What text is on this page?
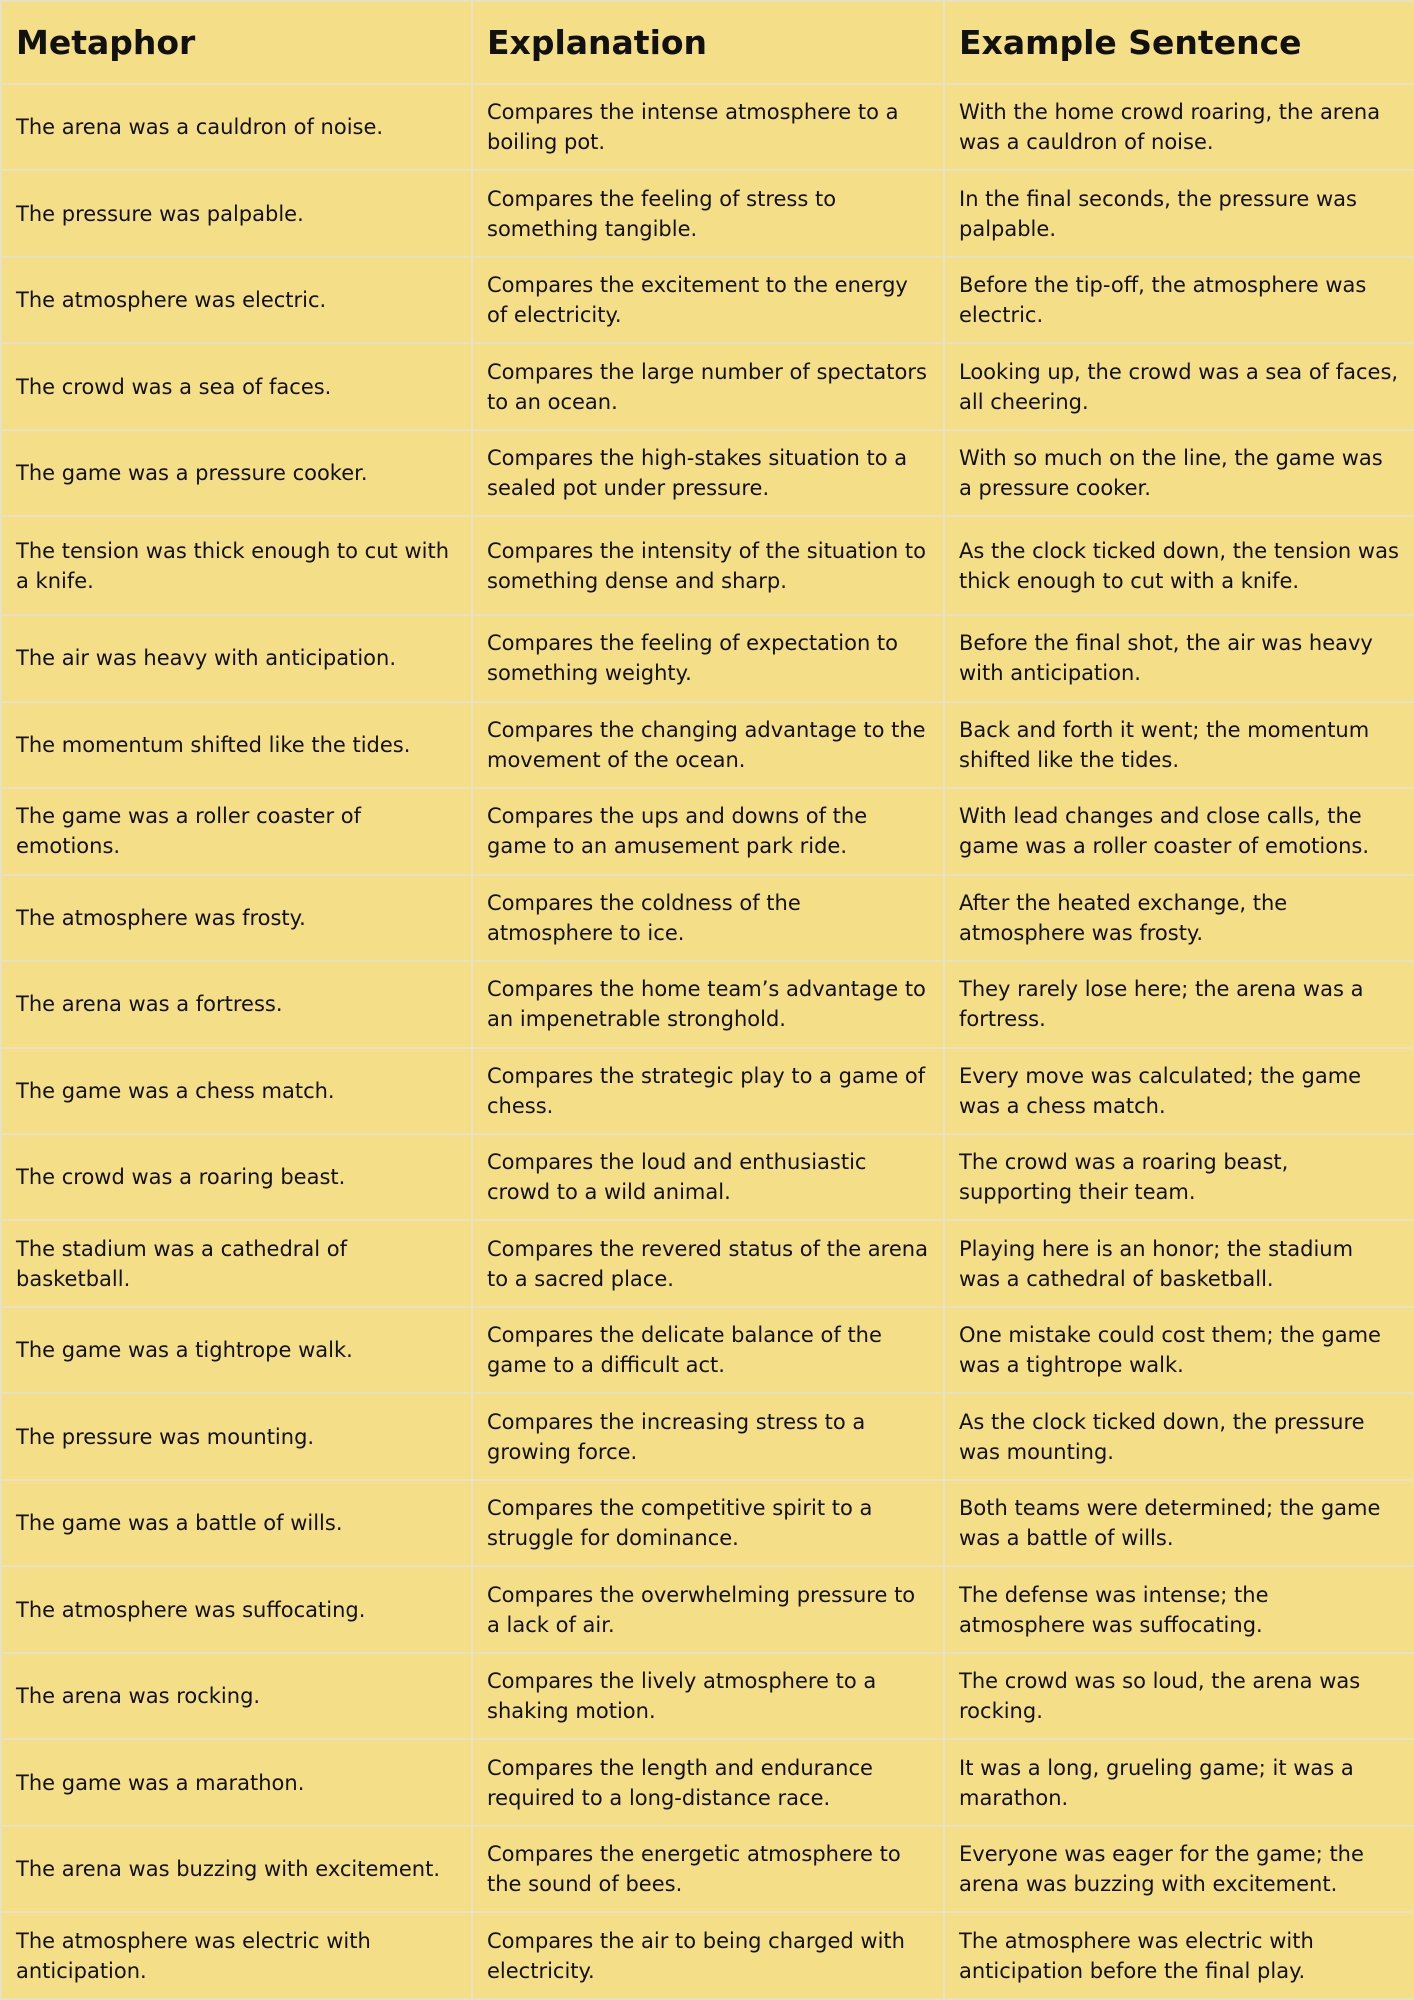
Metaphor	Explanation	Example Sentence
The arena was a cauldron of noise.	Compares the intense atmosphere to a boiling pot.	With the home crowd roaring, the arena was a cauldron of noise.
The pressure was palpable.	Compares the feeling of stress to something tangible.	In the final seconds, the pressure was palpable.
The atmosphere was electric.	Compares the excitement to the energy of electricity.	Before the tip-off, the atmosphere was electric.
The crowd was a sea of faces.	Compares the large number of spectators to an ocean.	Looking up, the crowd was a sea of faces, all cheering.
The game was a pressure cooker.	Compares the high-stakes situation to a sealed pot under pressure.	With so much on the line, the game was a pressure cooker.
The tension was thick enough to cut with a knife.	Compares the intensity of the situation to something dense and sharp.	As the clock ticked down, the tension was thick enough to cut with a knife.
The air was heavy with anticipation.	Compares the feeling of expectation to something weighty.	Before the final shot, the air was heavy with anticipation.
The momentum shifted like the tides.	Compares the changing advantage to the movement of the ocean.	Back and forth it went; the momentum shifted like the tides.
The game was a roller coaster of emotions.	Compares the ups and downs of the game to an amusement park ride.	With lead changes and close calls, the game was a roller coaster of emotions.
The atmosphere was frosty.	Compares the coldness of the atmosphere to ice.	After the heated exchange, the atmosphere was frosty.
The arena was a fortress.	Compares the home team’s advantage to an impenetrable stronghold.	They rarely lose here; the arena was a fortress.
The game was a chess match.	Compares the strategic play to a game of chess.	Every move was calculated; the game was a chess match.
The crowd was a roaring beast.	Compares the loud and enthusiastic crowd to a wild animal.	The crowd was a roaring beast, supporting their team.
The stadium was a cathedral of basketball.	Compares the revered status of the arena to a sacred place.	Playing here is an honor; the stadium was a cathedral of basketball.
The game was a tightrope walk.	Compares the delicate balance of the game to a difficult act.	One mistake could cost them; the game was a tightrope walk.
The pressure was mounting.	Compares the increasing stress to a growing force.	As the clock ticked down, the pressure was mounting.
The game was a battle of wills.	Compares the competitive spirit to a struggle for dominance.	Both teams were determined; the game was a battle of wills.
The atmosphere was suffocating.	Compares the overwhelming pressure to a lack of air.	The defense was intense; the atmosphere was suffocating.
The arena was rocking.	Compares the lively atmosphere to a shaking motion.	The crowd was so loud, the arena was rocking.
The game was a marathon.	Compares the length and endurance required to a long-distance race.	It was a long, grueling game; it was a marathon.
The arena was buzzing with excitement.	Compares the energetic atmosphere to the sound of bees.	Everyone was eager for the game; the arena was buzzing with excitement.
The atmosphere was electric with anticipation.	Compares the air to being charged with electricity.	The atmosphere was electric with anticipation before the final play.
